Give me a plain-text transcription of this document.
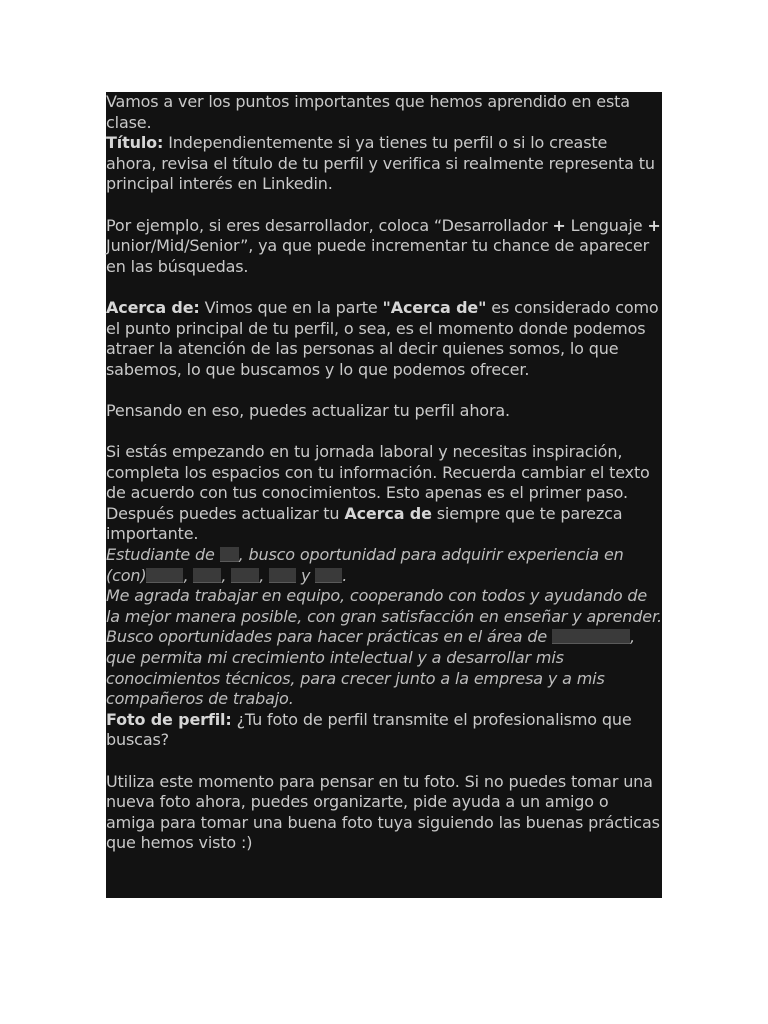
Vamos a ver los puntos importantes que hemos aprendido en esta clase.
Título: Independientemente si ya tienes tu perfil o si lo creaste ahora, revisa el título de tu perfil y verifica si realmente representa tu principal interés en Linkedin.

Por ejemplo, si eres desarrollador, coloca “Desarrollador + Lenguaje + Junior/Mid/Senior”, ya que puede incrementar tu chance de aparecer en las búsquedas.

Acerca de: Vimos que en la parte "Acerca de" es considerado como el punto principal de tu perfil, o sea, es el momento donde podemos atraer la atención de las personas al decir quienes somos, lo que sabemos, lo que buscamos y lo que podemos ofrecer.

Pensando en eso, puedes actualizar tu perfil ahora.

Si estás empezando en tu jornada laboral y necesitas inspiración, completa los espacios con tu información. Recuerda cambiar el texto de acuerdo con tus conocimientos. Esto apenas es el primer paso. Después puedes actualizar tu Acerca de siempre que te parezca importante.

Estudiante de , busco oportunidad para adquirir experiencia en (con) , , ,  y .

Me agrada trabajar en equipo, cooperando con todos y ayudando de la mejor manera posible, con gran satisfacción en enseñar y aprender.

Busco oportunidades para hacer prácticas en el área de	, que permita mi crecimiento intelectual y a desarrollar mis conocimientos técnicos, para crecer junto a la empresa y a mis compañeros de trabajo.

Foto de perfil: ¿Tu foto de perfil transmite el profesionalismo que buscas?

Utiliza este momento para pensar en tu foto. Si no puedes tomar una nueva foto ahora, puedes organizarte, pide ayuda a un amigo o amiga para tomar una buena foto tuya siguiendo las buenas prácticas que hemos visto :)
